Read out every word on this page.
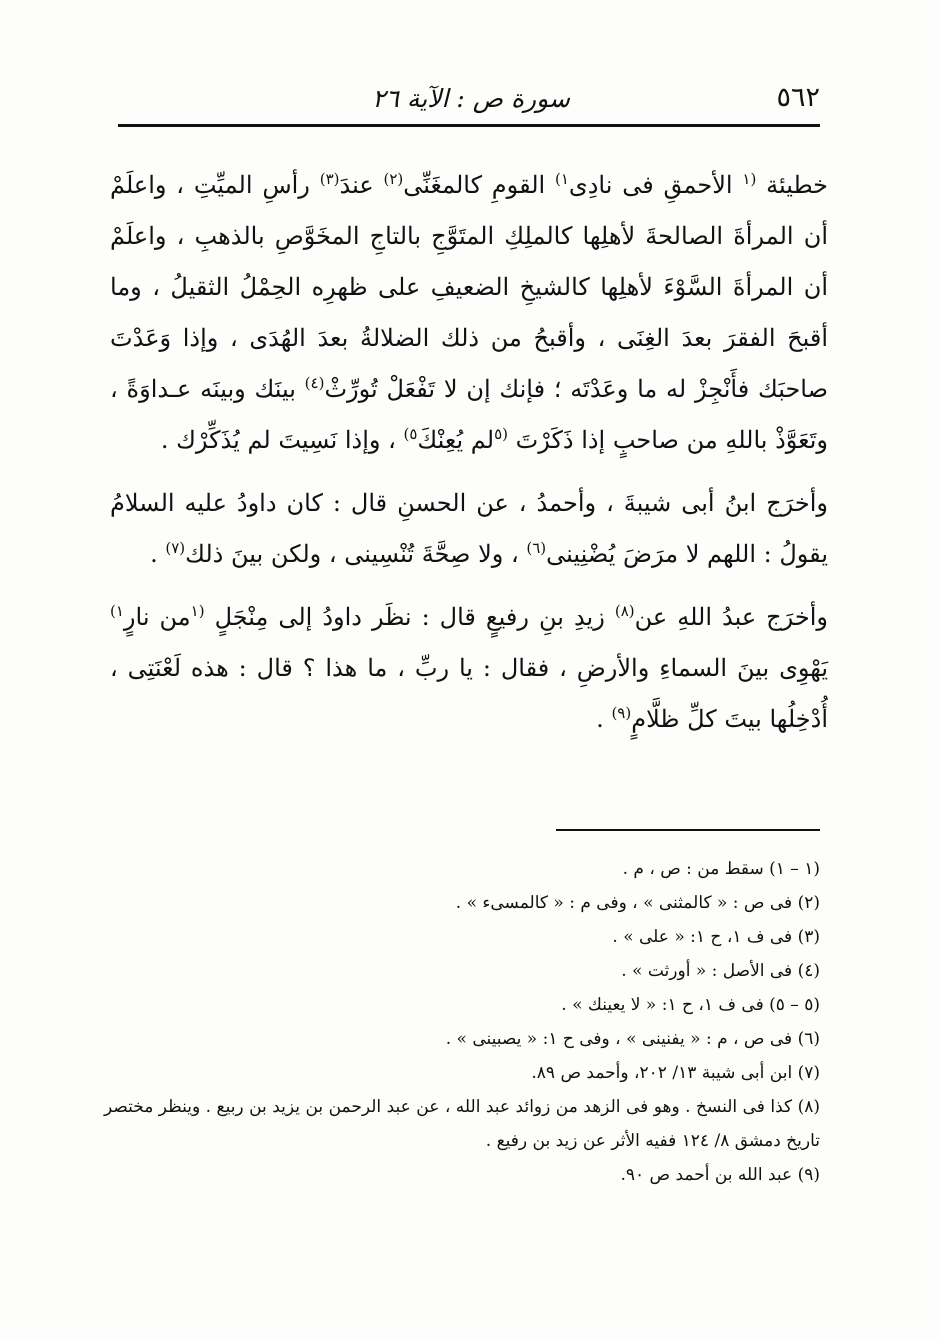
٥٦٢
سورة ص : الآية ٢٦

خطيئة $^{(١}$ الأحمقِ فى نادِى$^{١)}$ القومِ كالمغَنِّى$^{(٢)}$ عندَ$^{(٣)}$ رأسِ الميِّتِ ، واعلَمْ أن المرأةَ الصالحةَ لأهلِها كالملِكِ المتَوَّجِ بالتاجِ المخَوَّصِ بالذهبِ ، واعلَمْ أن المرأةَ السَّوْءَ لأهلِها كالشيخِ الضعيفِ على ظهرِه الحِمْلُ الثقيلُ ، وما أقبحَ الفقرَ بعدَ الغِنَى ، وأقبحُ من ذلك الضلالةُ بعدَ الهُدَى ، وإذا وَعَدْتَ صاحبَك فأَنْجِزْ له ما وعَدْتَه ؛ فإنك إن لا تَفْعَلْ تُورِّثْ$^{(٤)}$ بينَك وبينَه عـداوَةً ، وتَعَوَّذْ باللهِ من صاحبٍ إذا ذَكَرْتَ $^{(٥}$لم يُعِنْكَ$^{٥)}$ ، وإذا نَسِيتَ لم يُذَكِّرْك .

وأخرَج ابنُ أبى شيبةَ ، وأحمدُ ، عن الحسنِ قال : كان داودُ عليه السلامُ يقولُ : اللهم لا مرَضَ يُضْنِينى$^{(٦)}$ ، ولا صِحَّةَ تُنْسِينى ، ولكن بينَ ذلك$^{(٧)}$ .

وأخرَج عبدُ اللهِ عن$^{(٨)}$ زيدِ بنِ رفيعٍ قال : نظَر داودُ إلى مِنْجَلٍ $^{(١}$من نارٍ$^{١)}$ يَهْوِى بينَ السماءِ والأرضِ ، فقال : يا ربِّ ، ما هذا ؟ قال : هذه لَعْنَتِى ، أُدْخِلُها بيتَ كلِّ ظلَّامٍ$^{(٩)}$ .

(١ – ١) سقط من : ص ، م .

(٢) فى ص : « كالمثنى » ، وفى م : « كالمسىء » .

(٣) فى ف ١، ح ١: « على » .

(٤) فى الأصل : « أورثت » .

(٥ – ٥) فى ف ١، ح ١: « لا يعينك » .

(٦) فى ص ، م : « يفنينى » ، وفى ح ١: « يصبينى » .

(٧) ابن أبى شيبة ١٣/ ٢٠٢، وأحمد ص ٨٩.

(٨) كذا فى النسخ . وهو فى الزهد من زوائد عبد الله ، عن عبد الرحمن بن يزيد بن ربيع . وينظر مختصر تاريخ دمشق ٨/ ١٢٤ ففيه الأثر عن زيد بن رفيع .

(٩) عبد الله بن أحمد ص ٩٠.
